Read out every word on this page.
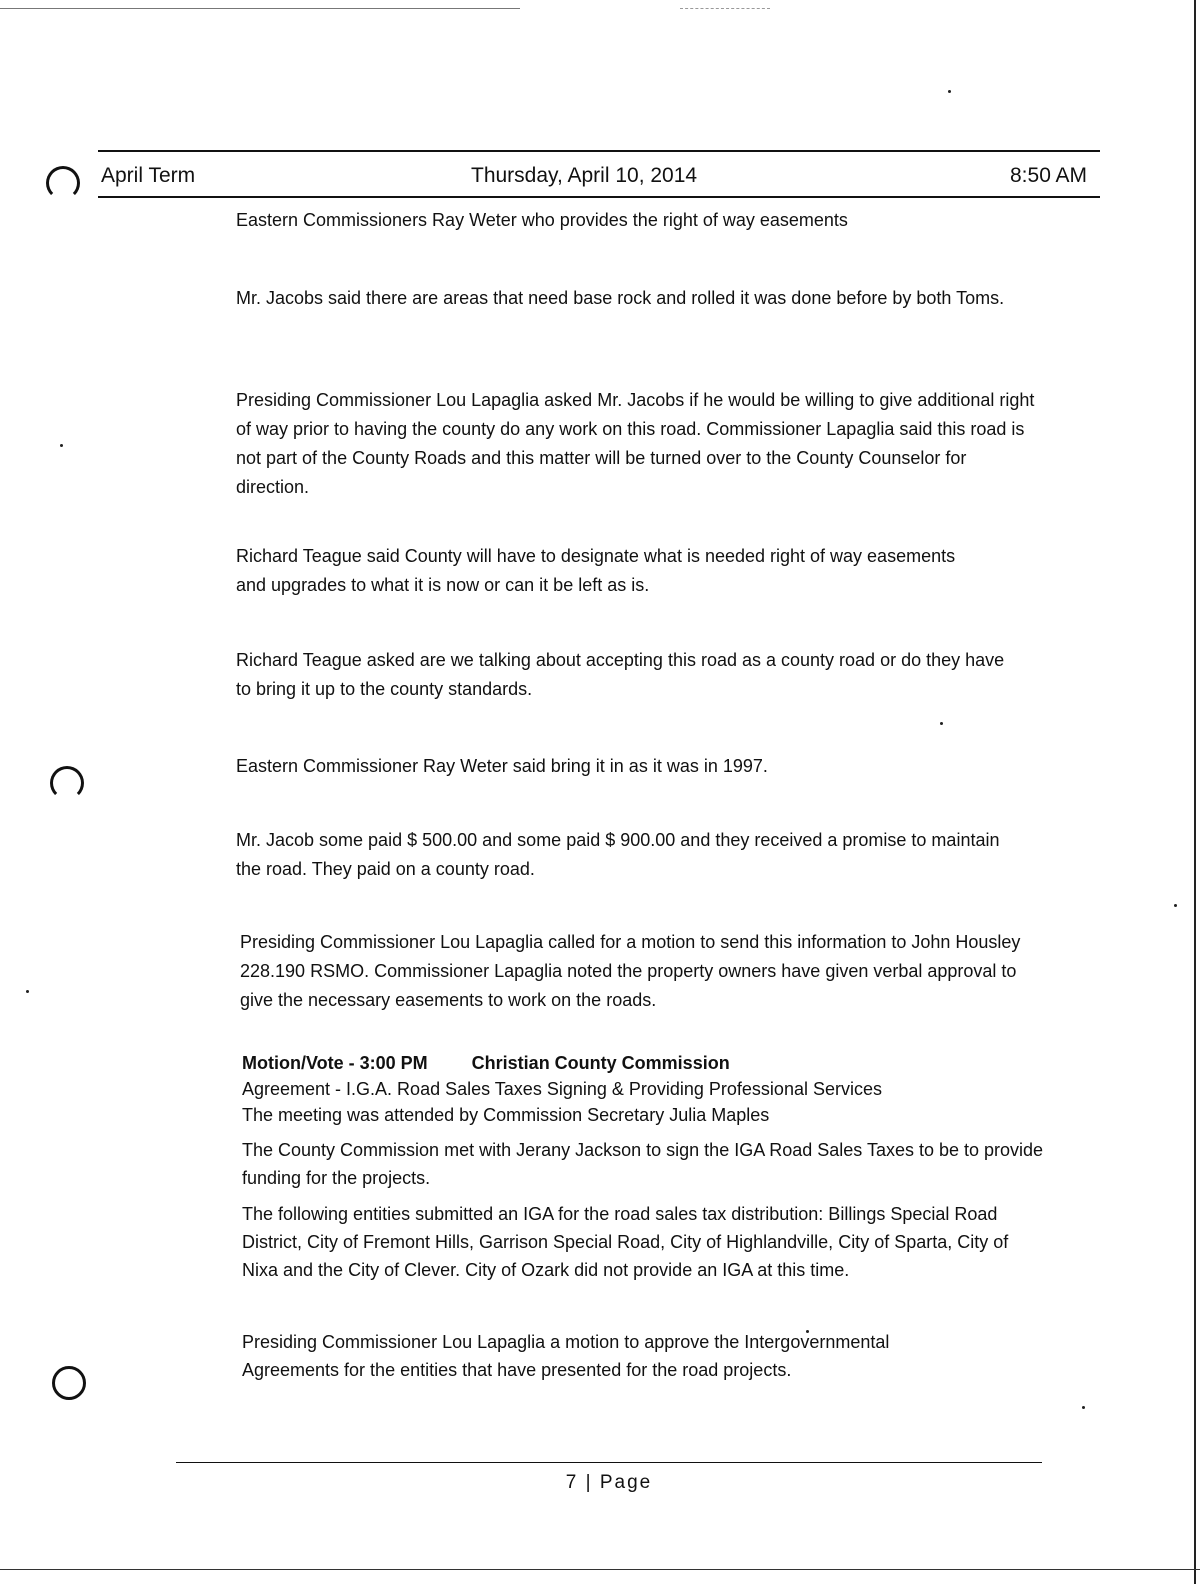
April Term	Thursday, April 10, 2014	8:50 AM
Eastern Commissioners Ray Weter who provides the right of way easements
Mr. Jacobs said there are areas that need base rock and rolled it was done before by both Toms.
Presiding Commissioner Lou Lapaglia asked Mr. Jacobs if he would be willing to give additional right of way prior to having the county do any work on this road. Commissioner Lapaglia said this road is not part of the County Roads and this matter will be turned over to the County Counselor for direction.
Richard Teague said County will have to designate what is needed right of way easements and upgrades to what it is now or can it be left as is.
Richard Teague asked are we talking about accepting this road as a county road or do they have to bring it up to the county standards.
Eastern Commissioner Ray Weter said bring it in as it was in 1997.
Mr. Jacob some paid $ 500.00 and some paid $ 900.00 and they received a promise to maintain the road. They paid on a county road.
Presiding Commissioner Lou Lapaglia called for a motion to send this information to John Housley 228.190 RSMO. Commissioner Lapaglia noted the property owners have given verbal approval to give the necessary easements to work on the roads.
Motion/Vote - 3:00 PM Christian County Commission
Agreement - I.G.A. Road Sales Taxes Signing & Providing Professional Services
The meeting was attended by Commission Secretary Julia Maples
The County Commission met with Jerany Jackson to sign the IGA Road Sales Taxes to be to provide funding for the projects.
The following entities submitted an IGA for the road sales tax distribution: Billings Special Road District, City of Fremont Hills, Garrison Special Road, City of Highlandville, City of Sparta, City of Nixa and the City of Clever. City of Ozark did not provide an IGA at this time.
Presiding Commissioner Lou Lapaglia a motion to approve the Intergovernmental Agreements for the entities that have presented for the road projects.
7 | Page
